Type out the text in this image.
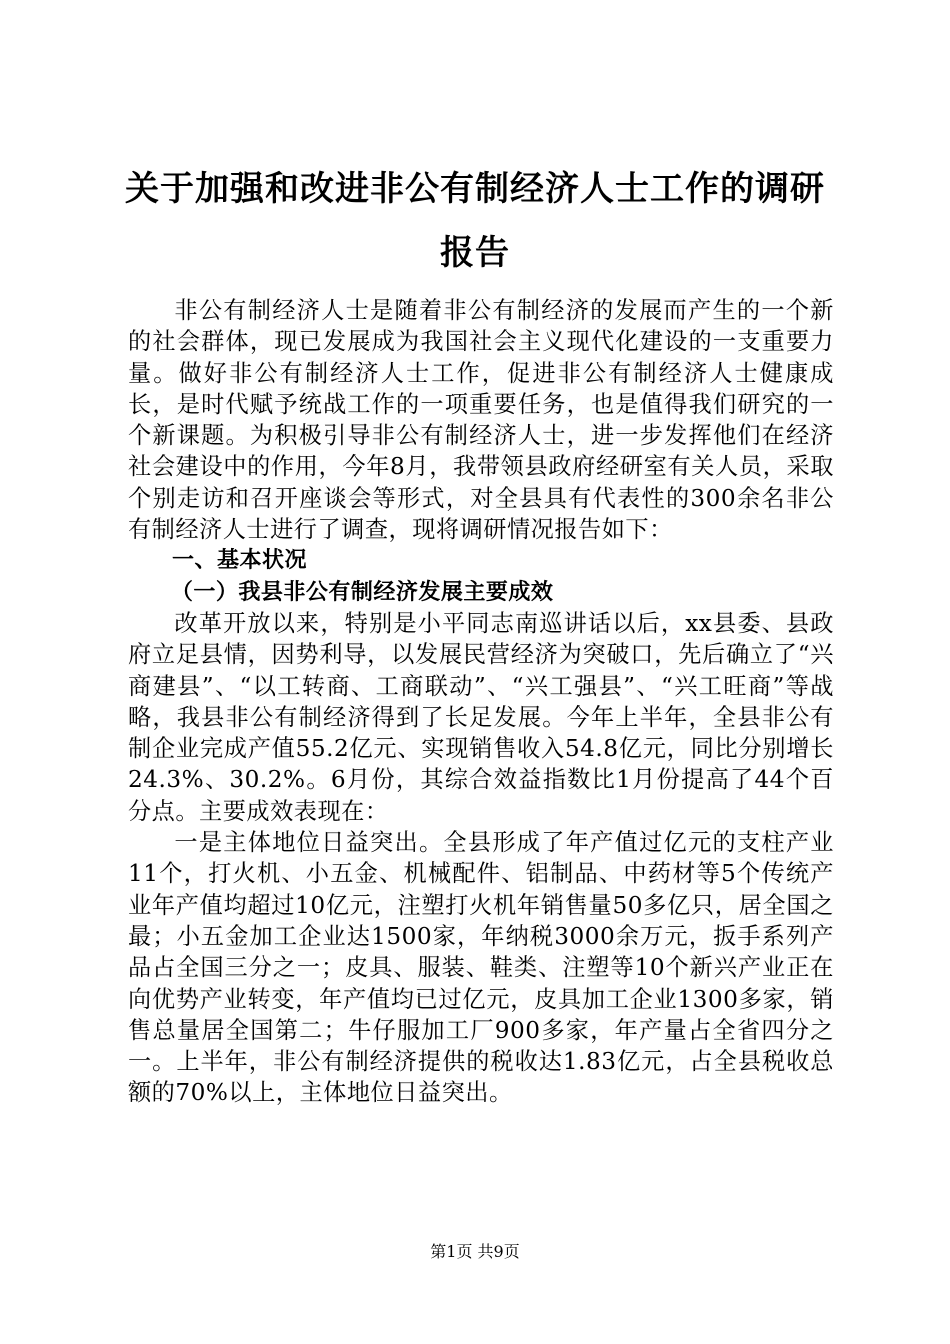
关于加强和改进非公有制经济人士工作的调研报告

非公有制经济人士是随着非公有制经济的发展而产生的一个新的社会群体，现已发展成为我国社会主义现代化建设的一支重要力量。做好非公有制经济人士工作，促进非公有制经济人士健康成长，是时代赋予统战工作的一项重要任务，也是值得我们研究的一个新课题。为积极引导非公有制经济人士，进一步发挥他们在经济社会建设中的作用，今年8月，我带领县政府经研室有关人员，采取个别走访和召开座谈会等形式，对全县具有代表性的300余名非公有制经济人士进行了调查，现将调研情况报告如下：

一、基本状况
（一）我县非公有制经济发展主要成效

改革开放以来，特别是小平同志南巡讲话以后，xx县委、县政府立足县情，因势利导，以发展民营经济为突破口，先后确立了“兴商建县”、“以工转商、工商联动”、“兴工强县”、“兴工旺商”等战略，我县非公有制经济得到了长足发展。今年上半年，全县非公有制企业完成产值55.2亿元、实现销售收入54.8亿元，同比分别增长24.3%、30.2%。6月份，其综合效益指数比1月份提高了44个百分点。主要成效表现在：

一是主体地位日益突出。全县形成了年产值过亿元的支柱产业11个，打火机、小五金、机械配件、铝制品、中药材等5个传统产业年产值均超过10亿元，注塑打火机年销售量50多亿只，居全国之最；小五金加工企业达1500家，年纳税3000余万元，扳手系列产品占全国三分之一；皮具、服装、鞋类、注塑等10个新兴产业正在向优势产业转变，年产值均已过亿元，皮具加工企业1300多家，销售总量居全国第二；牛仔服加工厂900多家，年产量占全省四分之一。上半年，非公有制经济提供的税收达1.83亿元，占全县税收总额的70%以上，主体地位日益突出。

第1页 共9页
